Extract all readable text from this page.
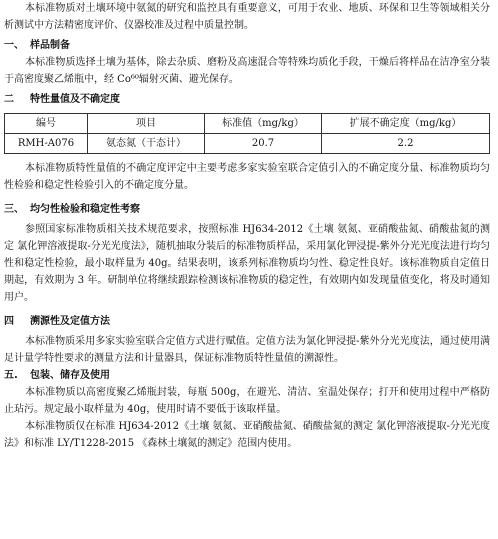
本标准物质对土壤环境中氨氮的研究和监控具有重要意义，可用于农业、地质、环保和卫生等领域相关分析测试中方法精密度评价、仪器校准及过程中质量控制。

一、 样品制备

本标准物质选择土壤为基体，除去杂质、磨粉及高速混合等特殊均质化手段，干燥后将样品在洁净室分装于高密度聚乙烯瓶中，经 Co⁶⁰辐射灭菌、避光保存。

二 特性量值及不确定度
编号	项目	标准值（mg/kg）	扩展不确定度（mg/kg）
RMH-A076	氨态氮（干态计）	20.7	2.2

本标准物质特性量值的不确定度评定中主要考虑多家实验室联合定值引入的不确定度分量、标准物质均匀性检验和稳定性检验引入的不确定度分量。

三、 均匀性检验和稳定性考察

参照国家标准物质相关技术规范要求，按照标准 HJ634-2012《土壤 氨氮、亚硝酸盐氮、硝酸盐氮的测定 氯化钾溶液提取-分光光度法》，随机抽取分装后的标准物质样品，采用氯化钾浸提-紫外分光光度法进行均匀性和稳定性检验，最小取样量为 40g。结果表明，该系列标准物质均匀性、稳定性良好。该标准物质自定值日期起，有效期为 3 年。研制单位将继续跟踪检测该标准物质的稳定性，有效期内如发现量值变化，将及时通知用户。

四 溯源性及定值方法

本标准物质采用多家实验室联合定值方式进行赋值。定值方法为氯化钾浸提-紫外分光光度法，通过使用满足计量学特性要求的测量方法和计量器具，保证标准物质特性量值的溯源性。

五. 包装、储存及使用

本标准物质以高密度聚乙烯瓶封装，每瓶 500g，在避光、清洁、室温处保存；打开和使用过程中严格防止玷污。规定最小取样量为 40g，使用时请不要低于该取样量。

本标准物质仅在标准 HJ634-2012《土壤 氨氮、亚硝酸盐氮、硝酸盐氮的测定 氯化钾溶液提取-分光光度法》和标准 LY/T1228-2015 《森林土壤氮的测定》范围内使用。
